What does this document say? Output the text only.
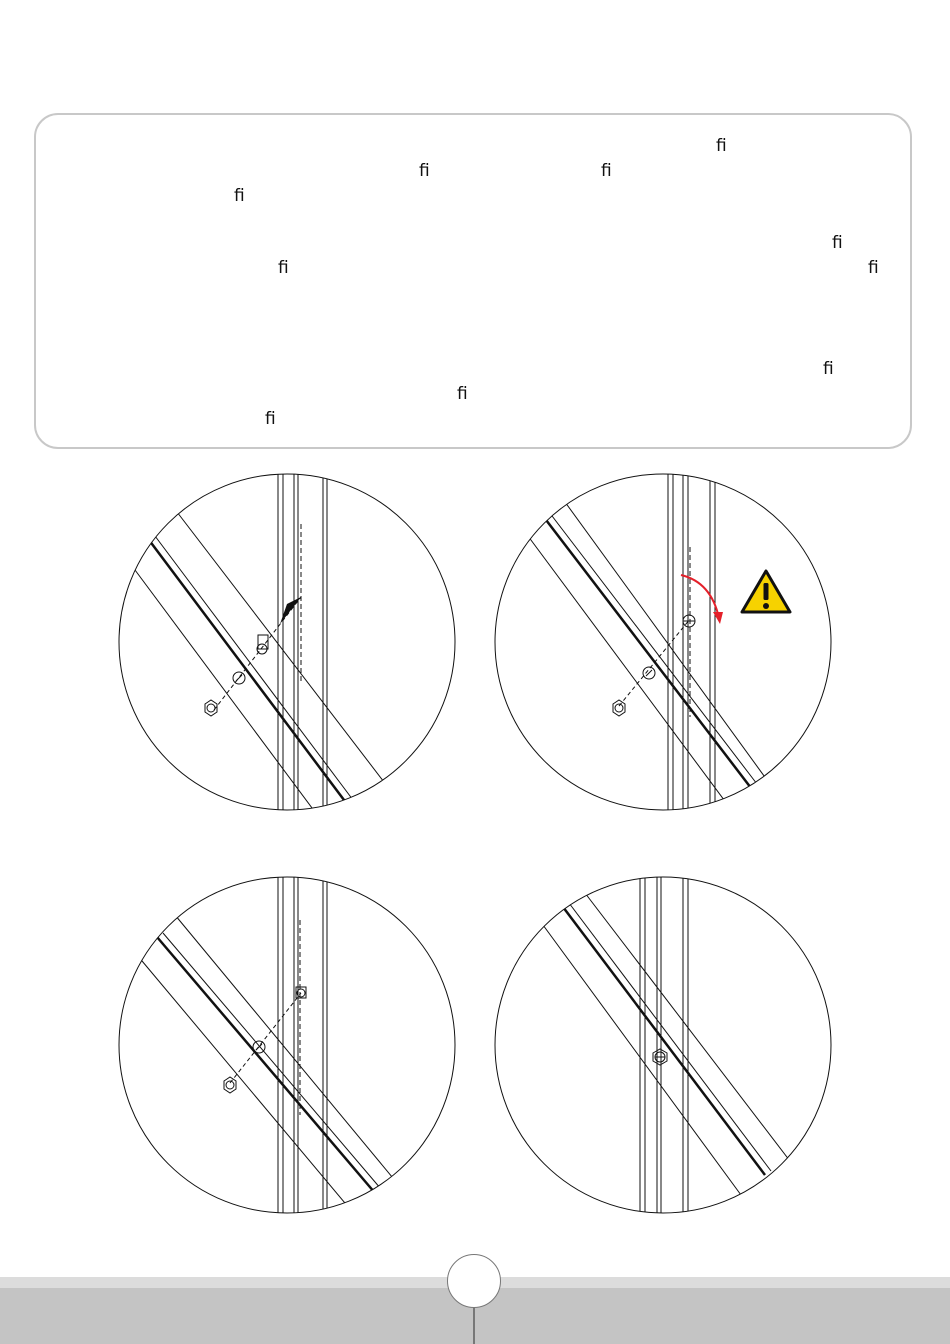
ﬁ
ﬁ	ﬁ
ﬁ
ﬁ
ﬁ	ﬁ
ﬁ
ﬁ
ﬁ
